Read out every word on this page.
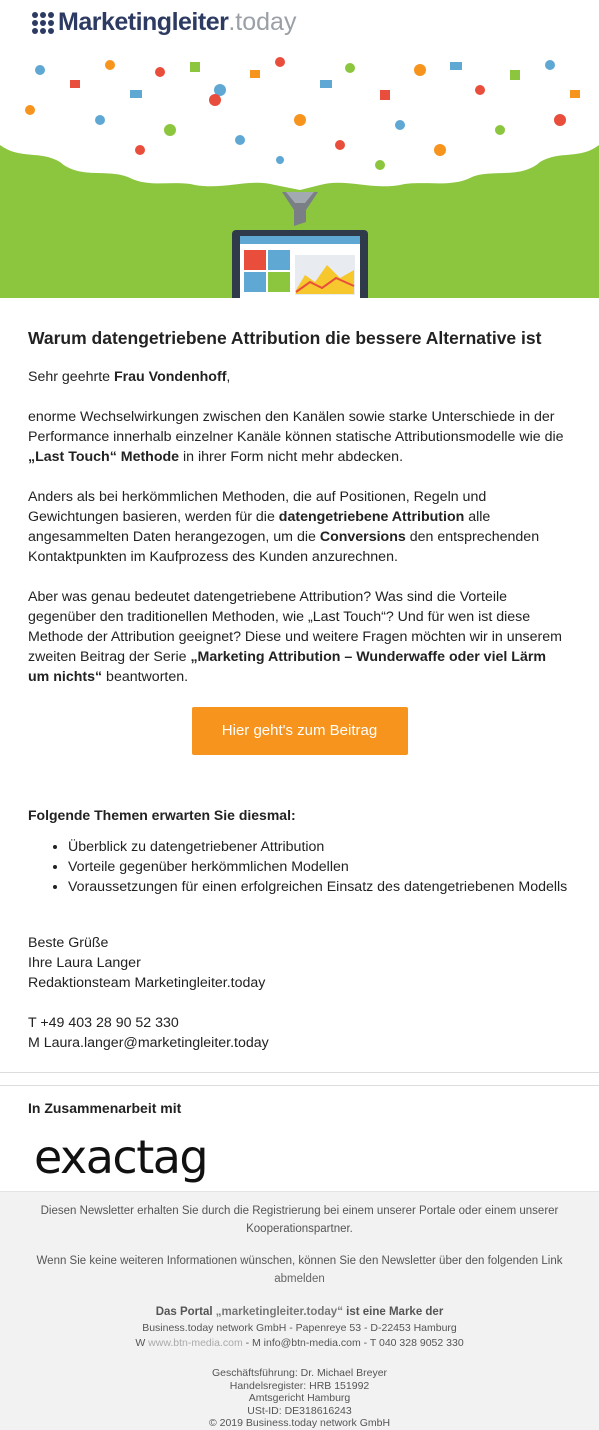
Marketingleiter .today
Warum datengetriebene Attribution die bessere Alternative ist

Sehr geehrte Frau Vondenhoff,

enorme Wechselwirkungen zwischen den Kanälen sowie starke Unterschiede in der Performance innerhalb einzelner Kanäle können statische Attributionsmodelle wie die „Last Touch“ Methode in ihrer Form nicht mehr abdecken.

Anders als bei herkömmlichen Methoden, die auf Positionen, Regeln und Gewichtungen basieren, werden für die datengetriebene Attribution alle angesammelten Daten herangezogen, um die Conversions den entsprechenden Kontaktpunkten im Kaufprozess des Kunden anzurechnen.

Aber was genau bedeutet datengetriebene Attribution? Was sind die Vorteile gegenüber den traditionellen Methoden, wie „Last Touch“? Und für wen ist diese Methode der Attribution geeignet? Diese und weitere Fragen möchten wir in unserem zweiten Beitrag der Serie „Marketing Attribution – Wunderwaffe oder viel Lärm um nichts“ beantworten.

Hier geht's zum Beitrag
Folgende Themen erwarten Sie diesmal:
• Überblick zu datengetriebener Attribution
• Vorteile gegenüber herkömmlichen Modellen
• Voraussetzungen für einen erfolgreichen Einsatz des datengetriebenen Modells
Beste Grüße
Ihre Laura Langer
Redaktionsteam Marketingleiter.today
T +49 403 28 90 52 330
M Laura.langer@marketingleiter.today
In Zusammenarbeit mit
exactag
Diesen Newsletter erhalten Sie durch die Registrierung bei einem unserer Portale oder einem unserer Kooperationspartner.
Wenn Sie keine weiteren Informationen wünschen, können Sie den Newsletter über den folgenden Link abmelden
Das Portal „marketingleiter.today“ ist eine Marke der
Business.today network GmbH - Papenreye 53 - D-22453 Hamburg
W www.btn-media.com - M info@btn-media.com - T 040 328 9052 330
Geschäftsführung: Dr. Michael Breyer
Handelsregister: HRB 151992
Amtsgericht Hamburg
USt-ID: DE318616243
© 2019 Business.today network GmbH
